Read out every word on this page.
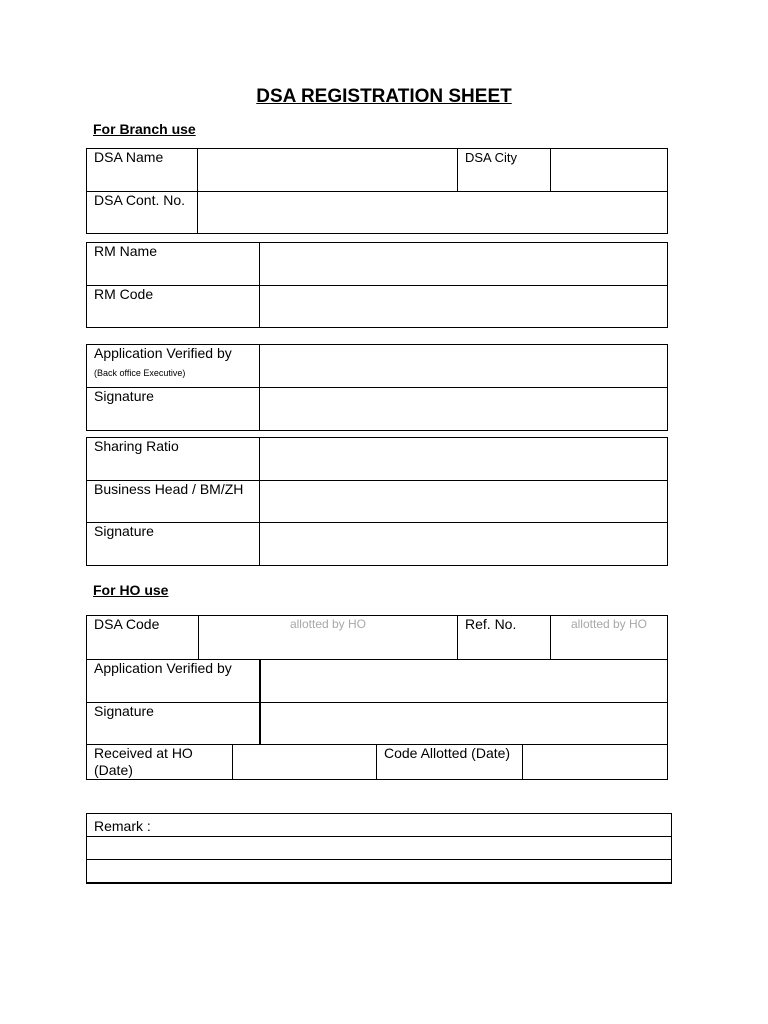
DSA REGISTRATION SHEET
For Branch use
DSA Name		DSA City	
DSA Cont. No.			
RM Name	
RM Code	
Application Verified by
(Back office Executive)	

Signature	
Sharing Ratio	
Business Head / BM/ZH	
Signature	
For HO use
DSA Code	allotted by HO	Ref. No.	allotted by HO
Application Verified by	
Signature	
Received at HO (Date)		Code Allotted (Date)	
Remark :
